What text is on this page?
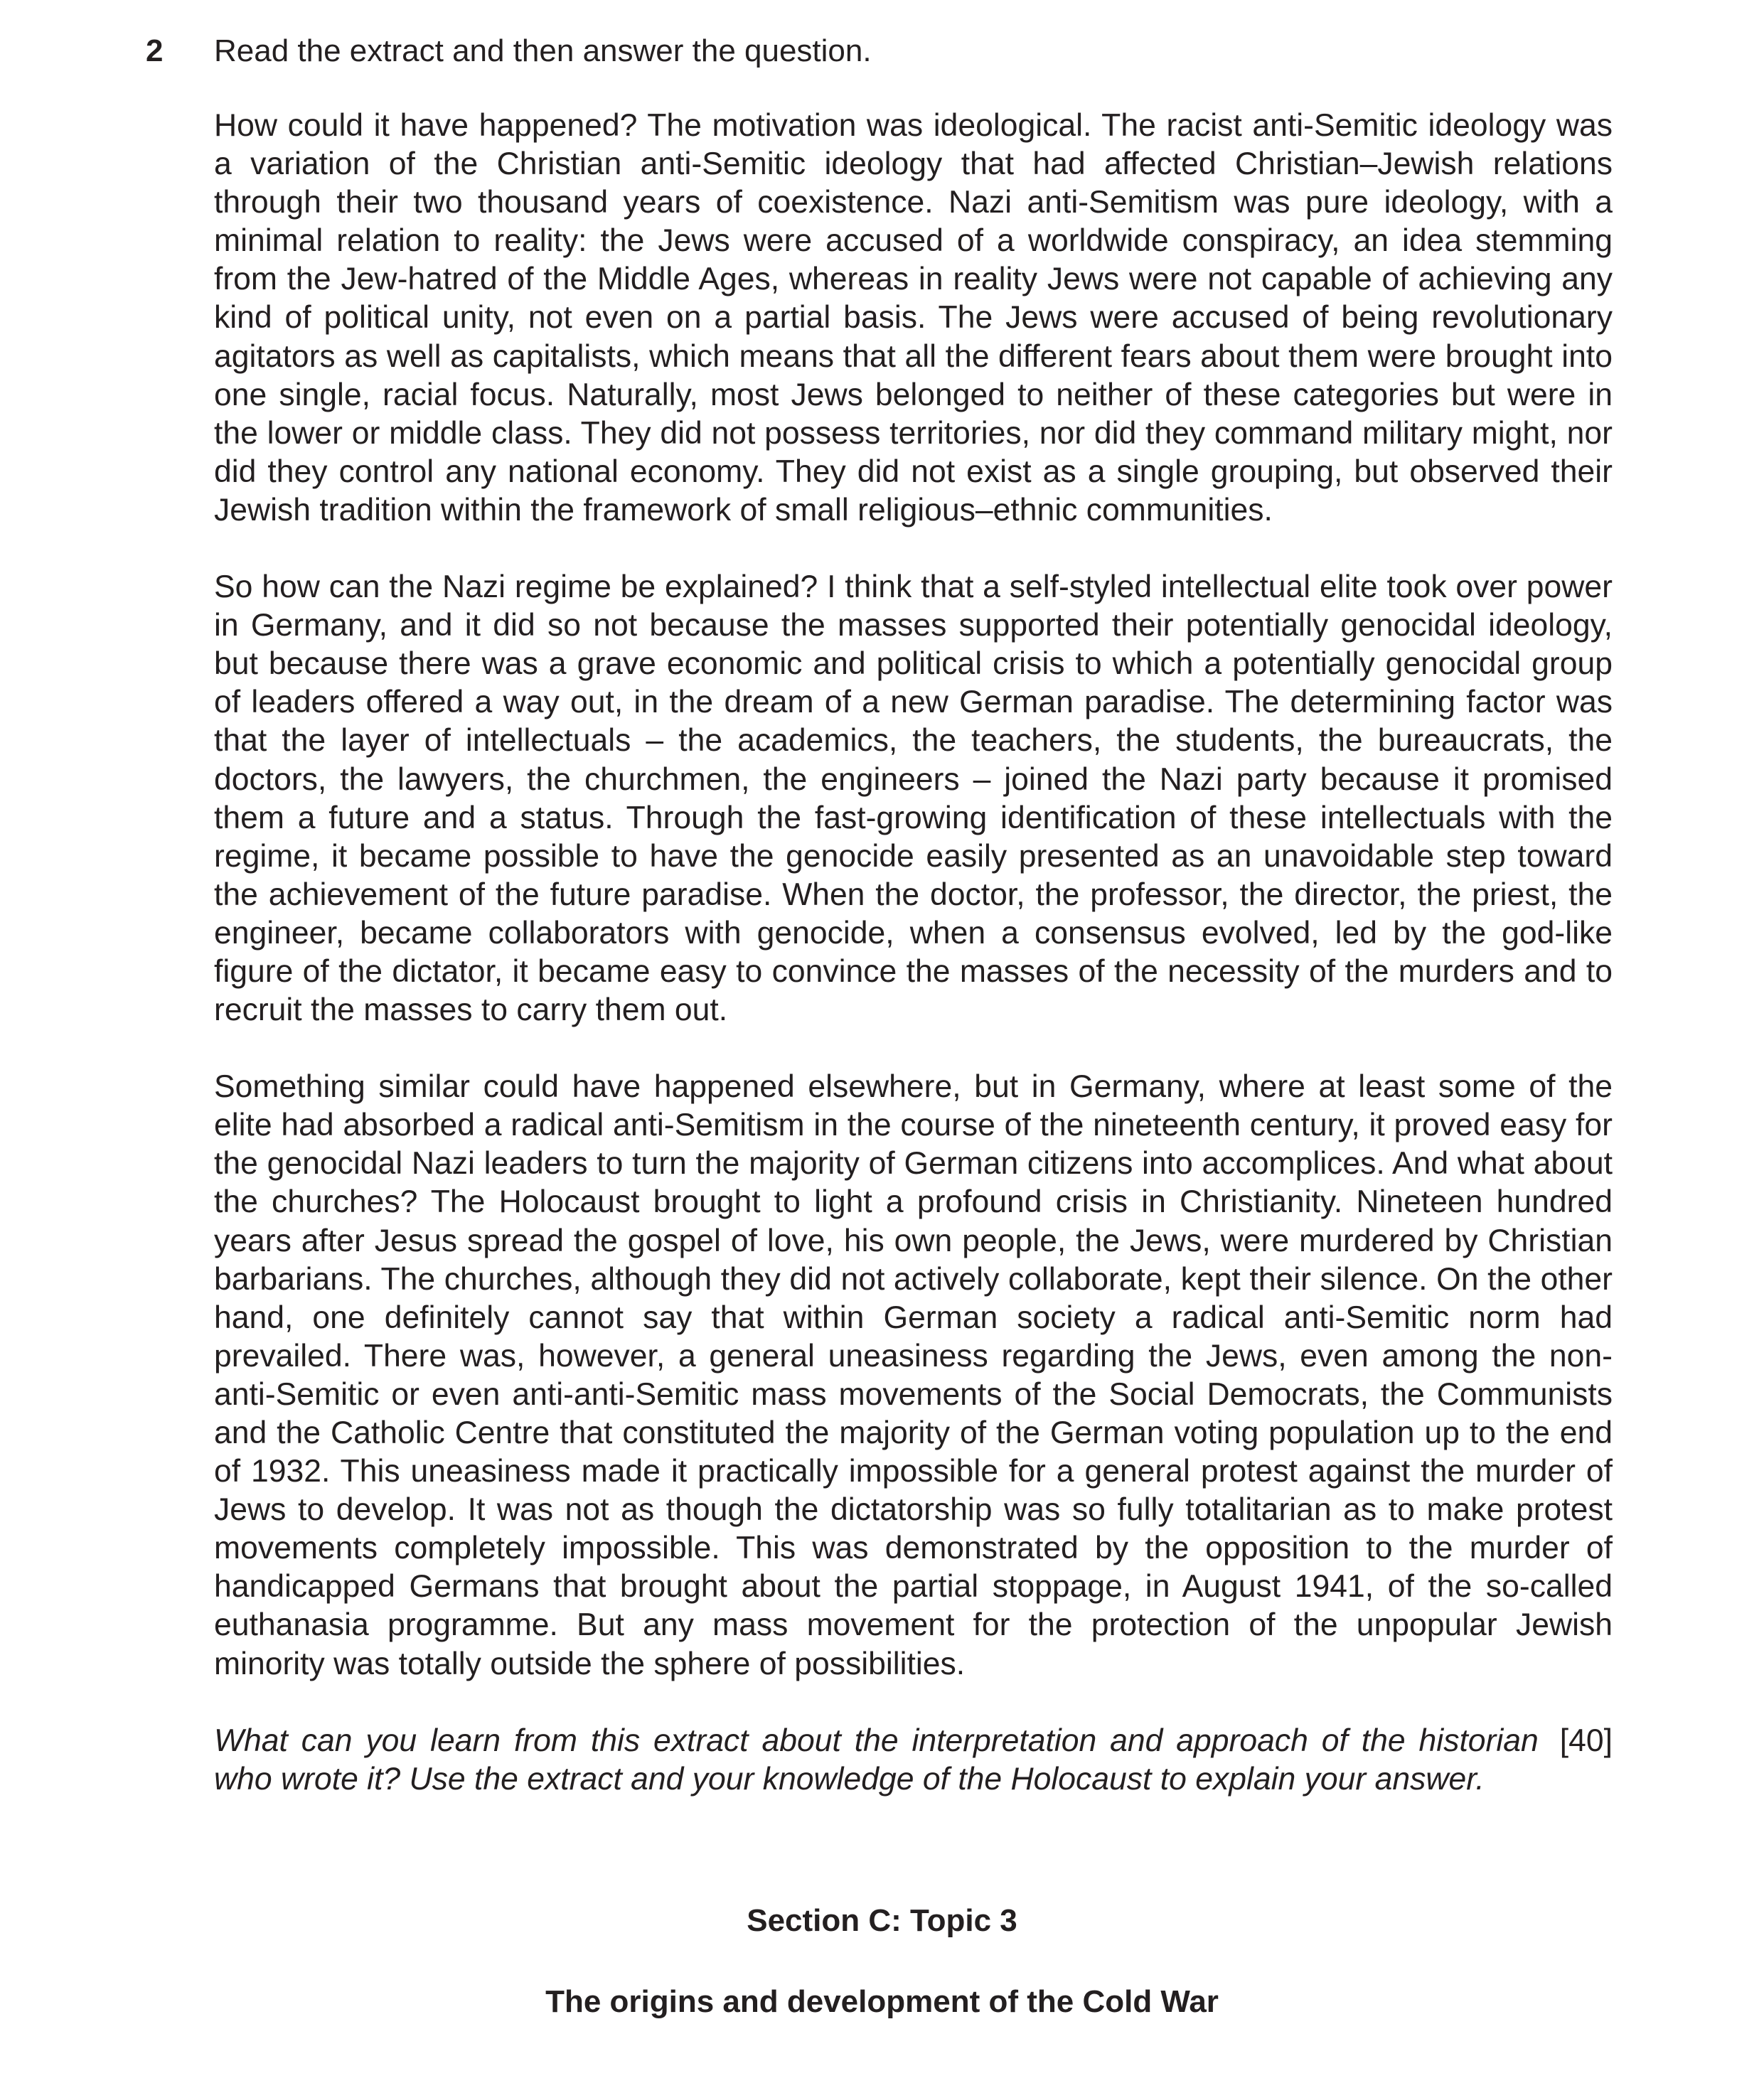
2 Read the extract and then answer the question.

How could it have happened? The motivation was ideological. The racist anti-Semitic ideology was a variation of the Christian anti-Semitic ideology that had affected Christian–Jewish relations through their two thousand years of coexistence. Nazi anti-Semitism was pure ideology, with a minimal relation to reality: the Jews were accused of a worldwide conspiracy, an idea stemming from the Jew-hatred of the Middle Ages, whereas in reality Jews were not capable of achieving any kind of political unity, not even on a partial basis. The Jews were accused of being revolutionary agitators as well as capitalists, which means that all the different fears about them were brought into one single, racial focus. Naturally, most Jews belonged to neither of these categories but were in the lower or middle class. They did not possess territories, nor did they command military might, nor did they control any national economy. They did not exist as a single grouping, but observed their Jewish tradition within the framework of small religious–ethnic communities.

So how can the Nazi regime be explained? I think that a self-styled intellectual elite took over power in Germany, and it did so not because the masses supported their potentially genocidal ideology, but because there was a grave economic and political crisis to which a potentially genocidal group of leaders offered a way out, in the dream of a new German paradise. The determining factor was that the layer of intellectuals – the academics, the teachers, the students, the bureaucrats, the doctors, the lawyers, the churchmen, the engineers – joined the Nazi party because it promised them a future and a status. Through the fast-growing identification of these intellectuals with the regime, it became possible to have the genocide easily presented as an unavoidable step toward the achievement of the future paradise. When the doctor, the professor, the director, the priest, the engineer, became collaborators with genocide, when a consensus evolved, led by the god-like figure of the dictator, it became easy to convince the masses of the necessity of the murders and to recruit the masses to carry them out.

Something similar could have happened elsewhere, but in Germany, where at least some of the elite had absorbed a radical anti-Semitism in the course of the nineteenth century, it proved easy for the genocidal Nazi leaders to turn the majority of German citizens into accomplices. And what about the churches? The Holocaust brought to light a profound crisis in Christianity. Nineteen hundred years after Jesus spread the gospel of love, his own people, the Jews, were murdered by Christian barbarians. The churches, although they did not actively collaborate, kept their silence. On the other hand, one definitely cannot say that within German society a radical anti-Semitic norm had prevailed. There was, however, a general uneasiness regarding the Jews, even among the non-anti-Semitic or even anti-anti-Semitic mass movements of the Social Democrats, the Communists and the Catholic Centre that constituted the majority of the German voting population up to the end of 1932. This uneasiness made it practically impossible for a general protest against the murder of Jews to develop. It was not as though the dictatorship was so fully totalitarian as to make protest movements completely impossible. This was demonstrated by the opposition to the murder of handicapped Germans that brought about the partial stoppage, in August 1941, of the so-called euthanasia programme. But any mass movement for the protection of the unpopular Jewish minority was totally outside the sphere of possibilities.

[40]
What can you learn from this extract about the interpretation and approach of the historian who wrote it? Use the extract and your knowledge of the Holocaust to explain your answer.

Section C: Topic 3
The origins and development of the Cold War
